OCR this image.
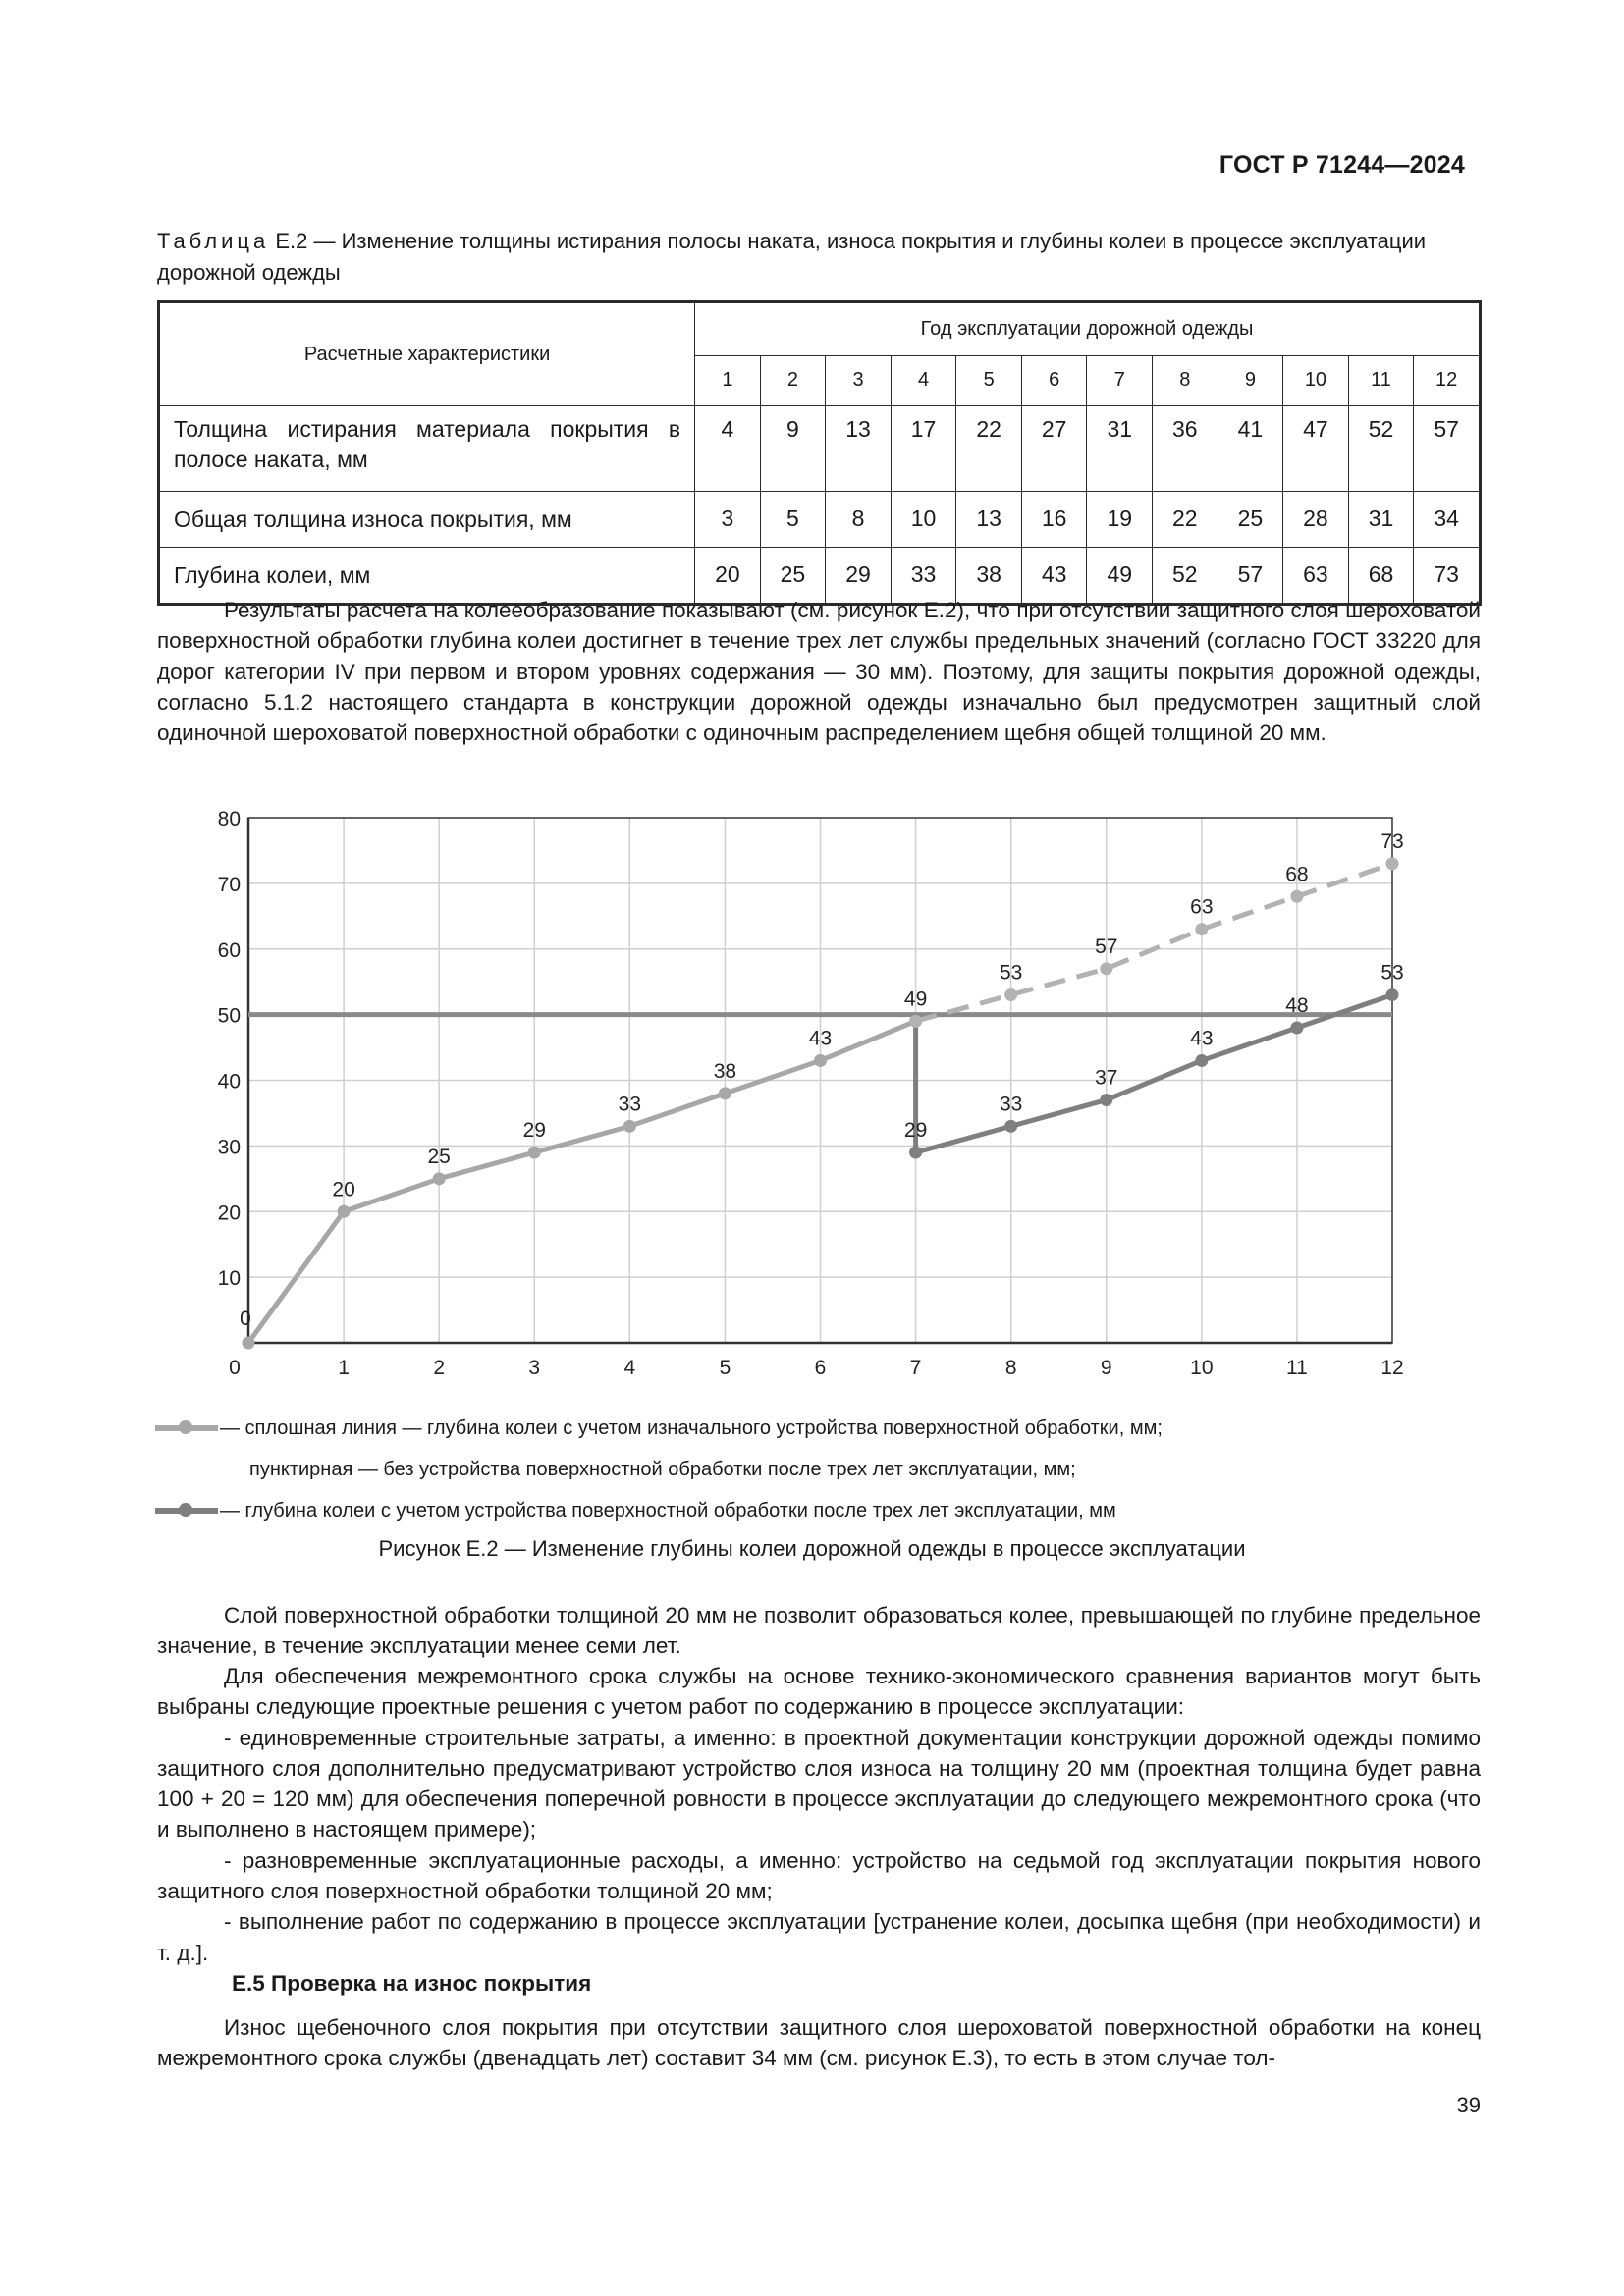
ГОСТ Р 71244—2024
Таблица Е.2 — Изменение толщины истирания полосы наката, износа покрытия и глубины колеи в процессе эксплуатации дорожной одежды
Расчетные характеристики	Год эксплуатации дорожной одежды											
	1	2	3	4	5	6	7	8	9	10	11	12
Толщина истирания материала покрытия в полосе наката, мм	4	9	13	17	22	27	31	36	41	47	52	57
Общая толщина износа покрытия, мм	3	5	8	10	13	16	19	22	25	28	31	34
Глубина колеи, мм	20	25	29	33	38	43	49	52	57	63	68	73
Результаты расчета на колееобразование показывают (см. рисунок Е.2), что при отсутствии защитного слоя шероховатой поверхностной обработки глубина колеи достигнет в течение трех лет службы предельных значений (согласно ГОСТ 33220 для дорог категории IV при первом и втором уровнях содержания — 30 мм). Поэтому, для защиты покрытия дорожной одежды, согласно 5.1.2 настоящего стандарта в конструкции дорожной одежды изначально был предусмотрен защитный слой одиночной шероховатой поверхностной обработки с одиночным распределением щебня общей толщиной 20 мм.
0	1	2	3	4	5	6	7	8	9	10	11	12
10
20
30
40
50
60
70
80
0
20
25
29
33
38
43
49
53
57
63
68
73
29
33
37
43
48
53
— сплошная линия — глубина колеи с учетом изначального устройства поверхностной обработки, мм;
пунктирная — без устройства поверхностной обработки после трех лет эксплуатации, мм;
— глубина колеи с учетом устройства поверхностной обработки после трех лет эксплуатации, мм
Рисунок Е.2 — Изменение глубины колеи дорожной одежды в процессе эксплуатации
Слой поверхностной обработки толщиной 20 мм не позволит образоваться колее, превышающей по глубине предельное значение, в течение эксплуатации менее семи лет.
Для обеспечения межремонтного срока службы на основе технико-экономического сравнения вариантов могут быть выбраны следующие проектные решения с учетом работ по содержанию в процессе эксплуатации:
- единовременные строительные затраты, а именно: в проектной документации конструкции дорожной одежды помимо защитного слоя дополнительно предусматривают устройство слоя износа на толщину 20 мм (проектная толщина будет равна 100 + 20 = 120 мм) для обеспечения поперечной ровности в процессе эксплуатации до следующего межремонтного срока (что и выполнено в настоящем примере);
- разновременные эксплуатационные расходы, а именно: устройство на седьмой год эксплуатации покрытия нового защитного слоя поверхностной обработки толщиной 20 мм;
- выполнение работ по содержанию в процессе эксплуатации [устранение колеи, досыпка щебня (при необходимости) и т. д.].
Е.5 Проверка на износ покрытия
Износ щебеночного слоя покрытия при отсутствии защитного слоя шероховатой поверхностной обработки на конец межремонтного срока службы (двенадцать лет) составит 34 мм (см. рисунок Е.3), то есть в этом случае тол-
39
